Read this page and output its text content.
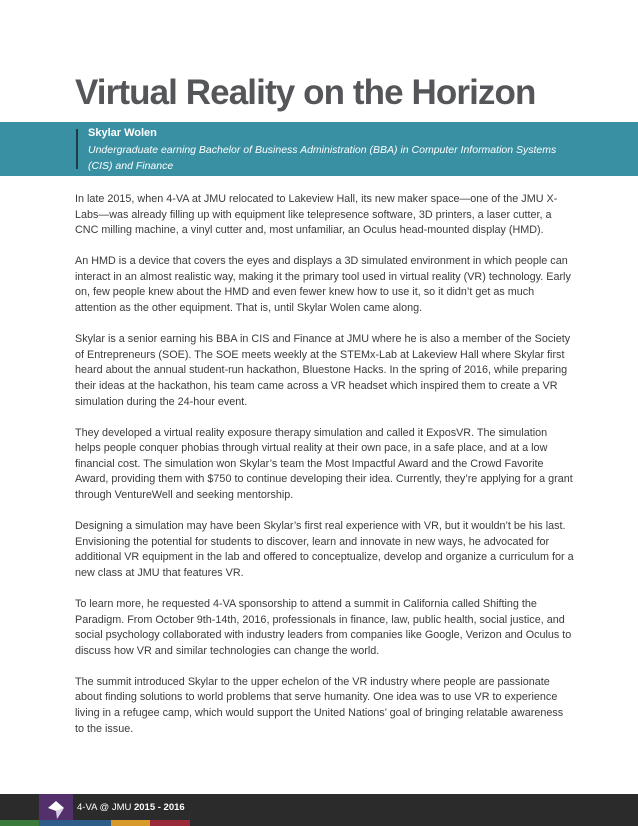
Virtual Reality on the Horizon
Skylar Wolen
Undergraduate earning Bachelor of Business Administration (BBA) in Computer Information Systems (CIS) and Finance

In late 2015, when 4-VA at JMU relocated to Lakeview Hall, its new maker space—one of the JMU X-Labs—was already filling up with equipment like telepresence software, 3D printers, a laser cutter, a CNC milling machine, a vinyl cutter and, most unfamiliar, an Oculus head-mounted display (HMD).

An HMD is a device that covers the eyes and displays a 3D simulated environment in which people can interact in an almost realistic way, making it the primary tool used in virtual reality (VR) technology. Early on, few people knew about the HMD and even fewer knew how to use it, so it didn’t get as much attention as the other equipment. That is, until Skylar Wolen came along.

Skylar is a senior earning his BBA in CIS and Finance at JMU where he is also a member of the Society of Entrepreneurs (SOE). The SOE meets weekly at the STEMx-Lab at Lakeview Hall where Skylar first heard about the annual student-run hackathon, Bluestone Hacks. In the spring of 2016, while preparing their ideas at the hackathon, his team came across a VR headset which inspired them to create a VR simulation during the 24-hour event.

They developed a virtual reality exposure therapy simulation and called it ExposVR. The simulation helps people conquer phobias through virtual reality at their own pace, in a safe place, and at a low financial cost. The simulation won Skylar’s team the Most Impactful Award and the Crowd Favorite Award, providing them with $750 to continue developing their idea. Currently, they’re applying for a grant through VentureWell and seeking mentorship.

Designing a simulation may have been Skylar’s first real experience with VR, but it wouldn’t be his last. Envisioning the potential for students to discover, learn and innovate in new ways, he advocated for additional VR equipment in the lab and offered to conceptualize, develop and organize a curriculum for a new class at JMU that features VR.

To learn more, he requested 4-VA sponsorship to attend a summit in California called Shifting the Paradigm. From October 9th-14th, 2016, professionals in finance, law, public health, social justice, and social psychology collaborated with industry leaders from companies like Google, Verizon and Oculus to discuss how VR and similar technologies can change the world.

The summit introduced Skylar to the upper echelon of the VR industry where people are passionate about finding solutions to world problems that serve humanity. One idea was to use VR to experience living in a refugee camp, which would support the United Nations’ goal of bringing relatable awareness to the issue.

4-VA @ JMU 2015 - 2016
